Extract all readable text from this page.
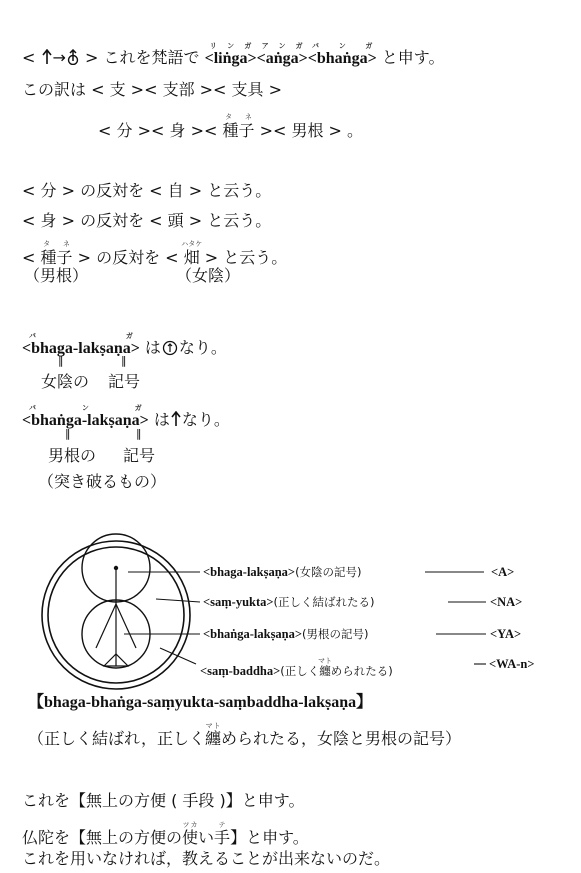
< → > これを梵語で <liṅga>リンガ<aṅga>アンガ<bhaṅga>バ ン ガ と申す。
この訳は < 支 >< 支部 >< 支具 >
< 分 >< 身 >< 種子タ ネ >< 男根 > 。
< 分 > の反対を < 自 > と云う。
< 身 > の反対を < 頭 > と云う。
< 種子タ ネ > の反対を < 畑ハタケ > と云う。
（男根）	（女陰）
<bhaga-lakṣaṇa>バ ガ は なり。
‖	‖
女陰の 記号
<bhaṅga-lakṣaṇa>バ ン ガ は なり。
‖	‖
男根の 記号
（突き破るもの）
<bhaga-lakṣaṇa>(女陰の記号)	<A>
<saṃ-yukta>(正しく結ばれたる)	<NA>
<bhaṅga-lakṣaṇa>(男根の記号)	<YA>
<saṃ-baddha>(正しく纏マトめられたる)	<WA-n>
【bhaga-bhaṅga-saṃyukta-saṃbaddha-lakṣaṇa】
（正しく結ばれ，正しく纏マトめられたる，女陰と男根の記号）
これを【無上の方便 ( 手段 )】と申す。
仏陀を【無上の方便の使ツカい手テ】と申す。
これを用いなければ，教えることが出来ないのだ。
